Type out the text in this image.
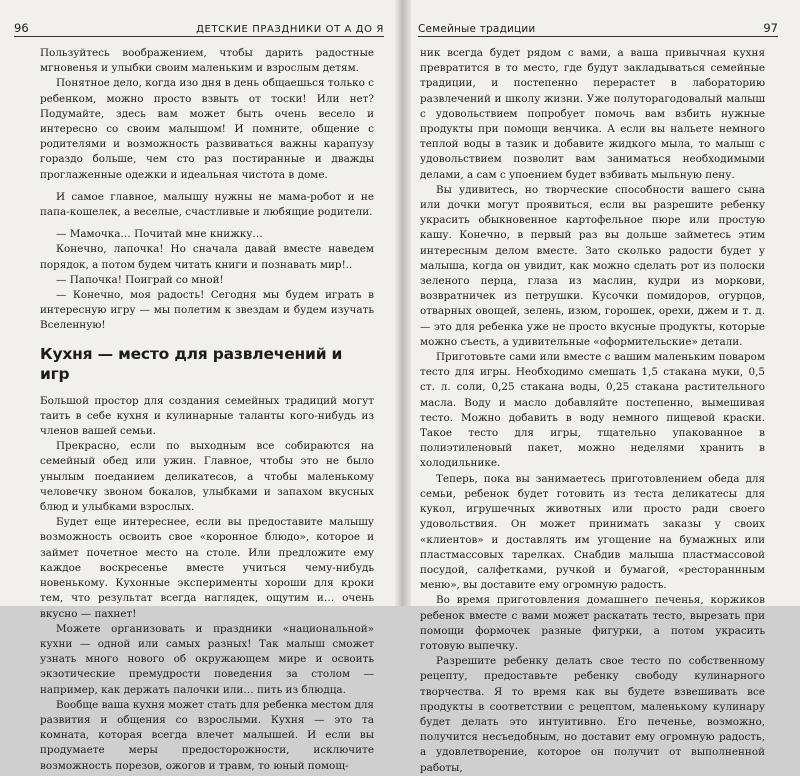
96	ДЕТСКИЕ ПРАЗДНИКИ ОТ А ДО Я

Пользуйтесь воображением, чтобы дарить радостные мгновенья и улыбки своим маленьким и взрослым детям.

Понятное дело, когда изо дня в день общаешься только с ребенком, можно просто взвыть от тоски! Или нет? Подумайте, здесь вам может быть очень весело и интересно со своим малышом! И помните, общение с родителями и возможность развиваться важны карапузу гораздо больше, чем сто раз постиранные и дважды проглаженные одежки и идеальная чистота в доме.

И самое главное, малышу нужны не мама-робот и не папа-кошелек, а веселые, счастливые и любящие родители.

— Мамочка… Почитай мне книжку…

Конечно, лапочка! Но сначала давай вместе наведем порядок, а потом будем читать книги и познавать мир!..

— Папочка! Поиграй со мной!

— Конечно, моя радость! Сегодня мы будем играть в интересную игру — мы полетим к звездам и будем изучать Вселенную!

Кухня — место для развлечений и игр

Большой простор для создания семейных традиций могут таить в себе кухня и кулинарные таланты кого-нибудь из членов вашей семьи.

Прекрасно, если по выходным все собираются на семейный обед или ужин. Главное, чтобы это не было унылым поеданием деликатесов, а чтобы маленькому человечку звоном бокалов, улыбками и запахом вкусных блюд и улыбками взрослых.

Будет еще интереснее, если вы предоставите малышу возможность освоить свое «коронное блюдо», которое и займет почетное место на столе. Или предложите ему каждое воскресенье вместе учиться чему-нибудь новенькому. Кухонные эксперименты хороши для кроки тем, что результат всегда наглядек, ощутим и… очень вкусно — пахнет!

Можете организовать и праздники «национальной» кухни — одной или самых разных! Так малыш сможет узнать много нового об окружающем мире и освоить экзотические премудрости поведения за столом — например, как держать палочки или… пить из блюдца.

Вообще ваша кухня может стать для ребенка местом для развития и общения со взрослыми. Кухня — это та комната, которая всегда влечет малышей. И если вы продумаете меры предосторожности, исключите возможность порезов, ожогов и травм, то юный помощ-

Семейные традиции	97

ник всегда будет рядом с вами, а ваша привычная кухня превратится в то место, где будут закладываться семейные традиции, и постепенно перерастет в лабораторию развлечений и школу жизни. Уже полуторагодовалый малыш с удовольствием попробует помочь вам взбить нужные продукты при помощи венчика. А если вы нальете немного теплой воды в тазик и добавите жидкого мыла, то малыш с удовольствием позволит вам заниматься необходимыми делами, а сам с упоением будет взбивать мыльную пену.

Вы удивитесь, но творческие способности вашего сына или дочки могут проявиться, если вы разрешите ребенку украсить обыкновенное картофельное пюре или простую кашу. Конечно, в первый раз вы дольше займетесь этим интересным делом вместе. Зато сколько радости будет у малыша, когда он увидит, как можно сделать рот из полоски зеленого перца, глаза из маслин, кудри из моркови, возвратничек из петрушки. Кусочки помидоров, огурцов, отварных овощей, зелень, изюм, горошек, орехи, джем и т. д. — это для ребенка уже не просто вкусные продукты, которые можно съесть, а удивительные «оформительские» детали.

Приготовьте сами или вместе с вашим маленьким поваром тесто для игры. Необходимо смешать 1,5 стакана муки, 0,5 ст. л. соли, 0,25 стакана воды, 0,25 стакана растительного масла. Воду и масло добавляйте постепенно, вымешивая тесто. Можно добавить в воду немного пищевой краски. Такое тесто для игры, тщательно упакованное в полиэтиленовый пакет, можно неделями хранить в холодильнике.

Теперь, пока вы занимаетесь приготовлением обеда для семьи, ребенок будет готовить из теста деликатесы для кукол, игрушечных животных или просто ради своего удовольствия. Он может принимать заказы у своих «клиентов» и доставлять им угощение на бумажных или пластмассовых тарелках. Снабдив малыша пластмассовой посудой, салфетками, ручкой и бумагой, «рестораннным меню», вы доставите ему огромную радость.

Во время приготовления домашнего печенья, коржиков ребенок вместе с вами может раскатать тесто, вырезать при помощи формочек разные фигурки, а потом украсить готовую выпечку.

Разрешите ребенку делать свое тесто по собственному рецепту, предоставьте ребенку свободу кулинарного творчества. Я то время как вы будете взвешивать все продукты в соответствии с рецептом, маленькому кулинару будет делать это интуитивно. Его печенье, возможно, получится несъедобным, но доставит ему огромную радость, а удовлетворение, которое он получит от выполненной работы,
